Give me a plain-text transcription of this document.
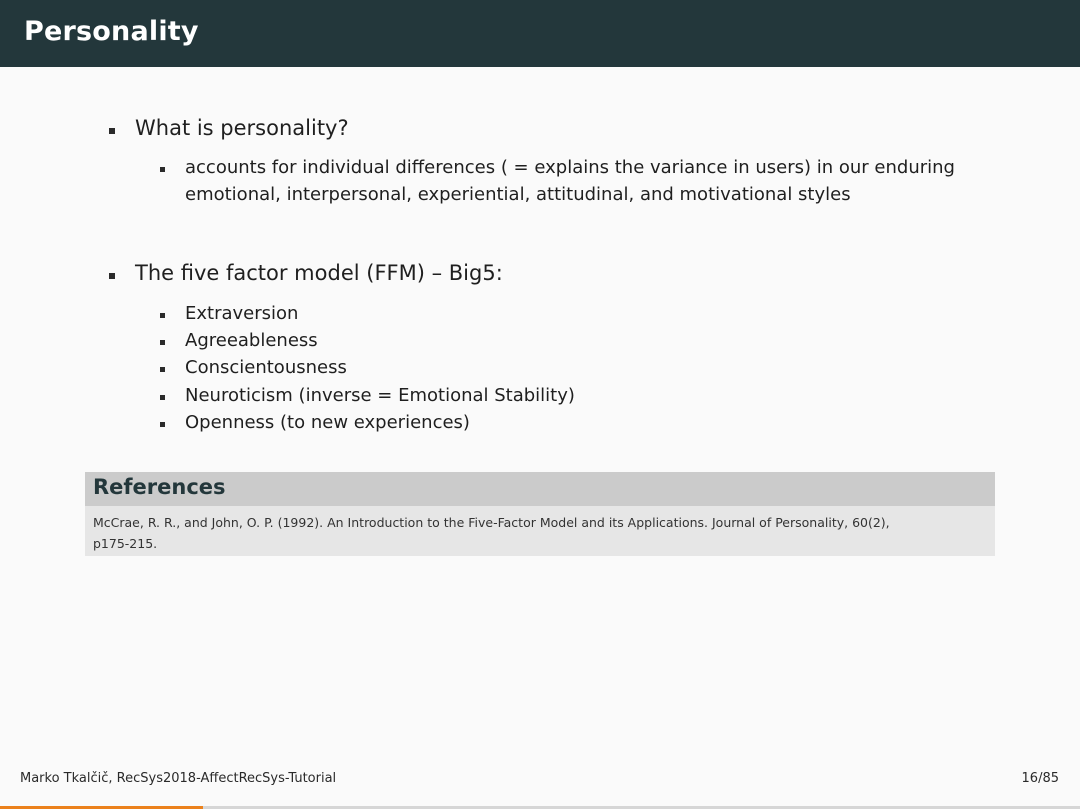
Personality
What is personality?
accounts for individual differences ( = explains the variance in users) in our enduring
emotional, interpersonal, experiential, attitudinal, and motivational styles
The five factor model (FFM) – Big5:
Extraversion
Agreeableness
Conscientousness
Neuroticism (inverse = Emotional Stability)
Openness (to new experiences)
References
McCrae, R. R., and John, O. P. (1992). An Introduction to the Five-Factor Model and its Applications. Journal of Personality, 60(2),
p175-215.
Marko Tkalčič, RecSys2018-AffectRecSys-Tutorial	16/85
